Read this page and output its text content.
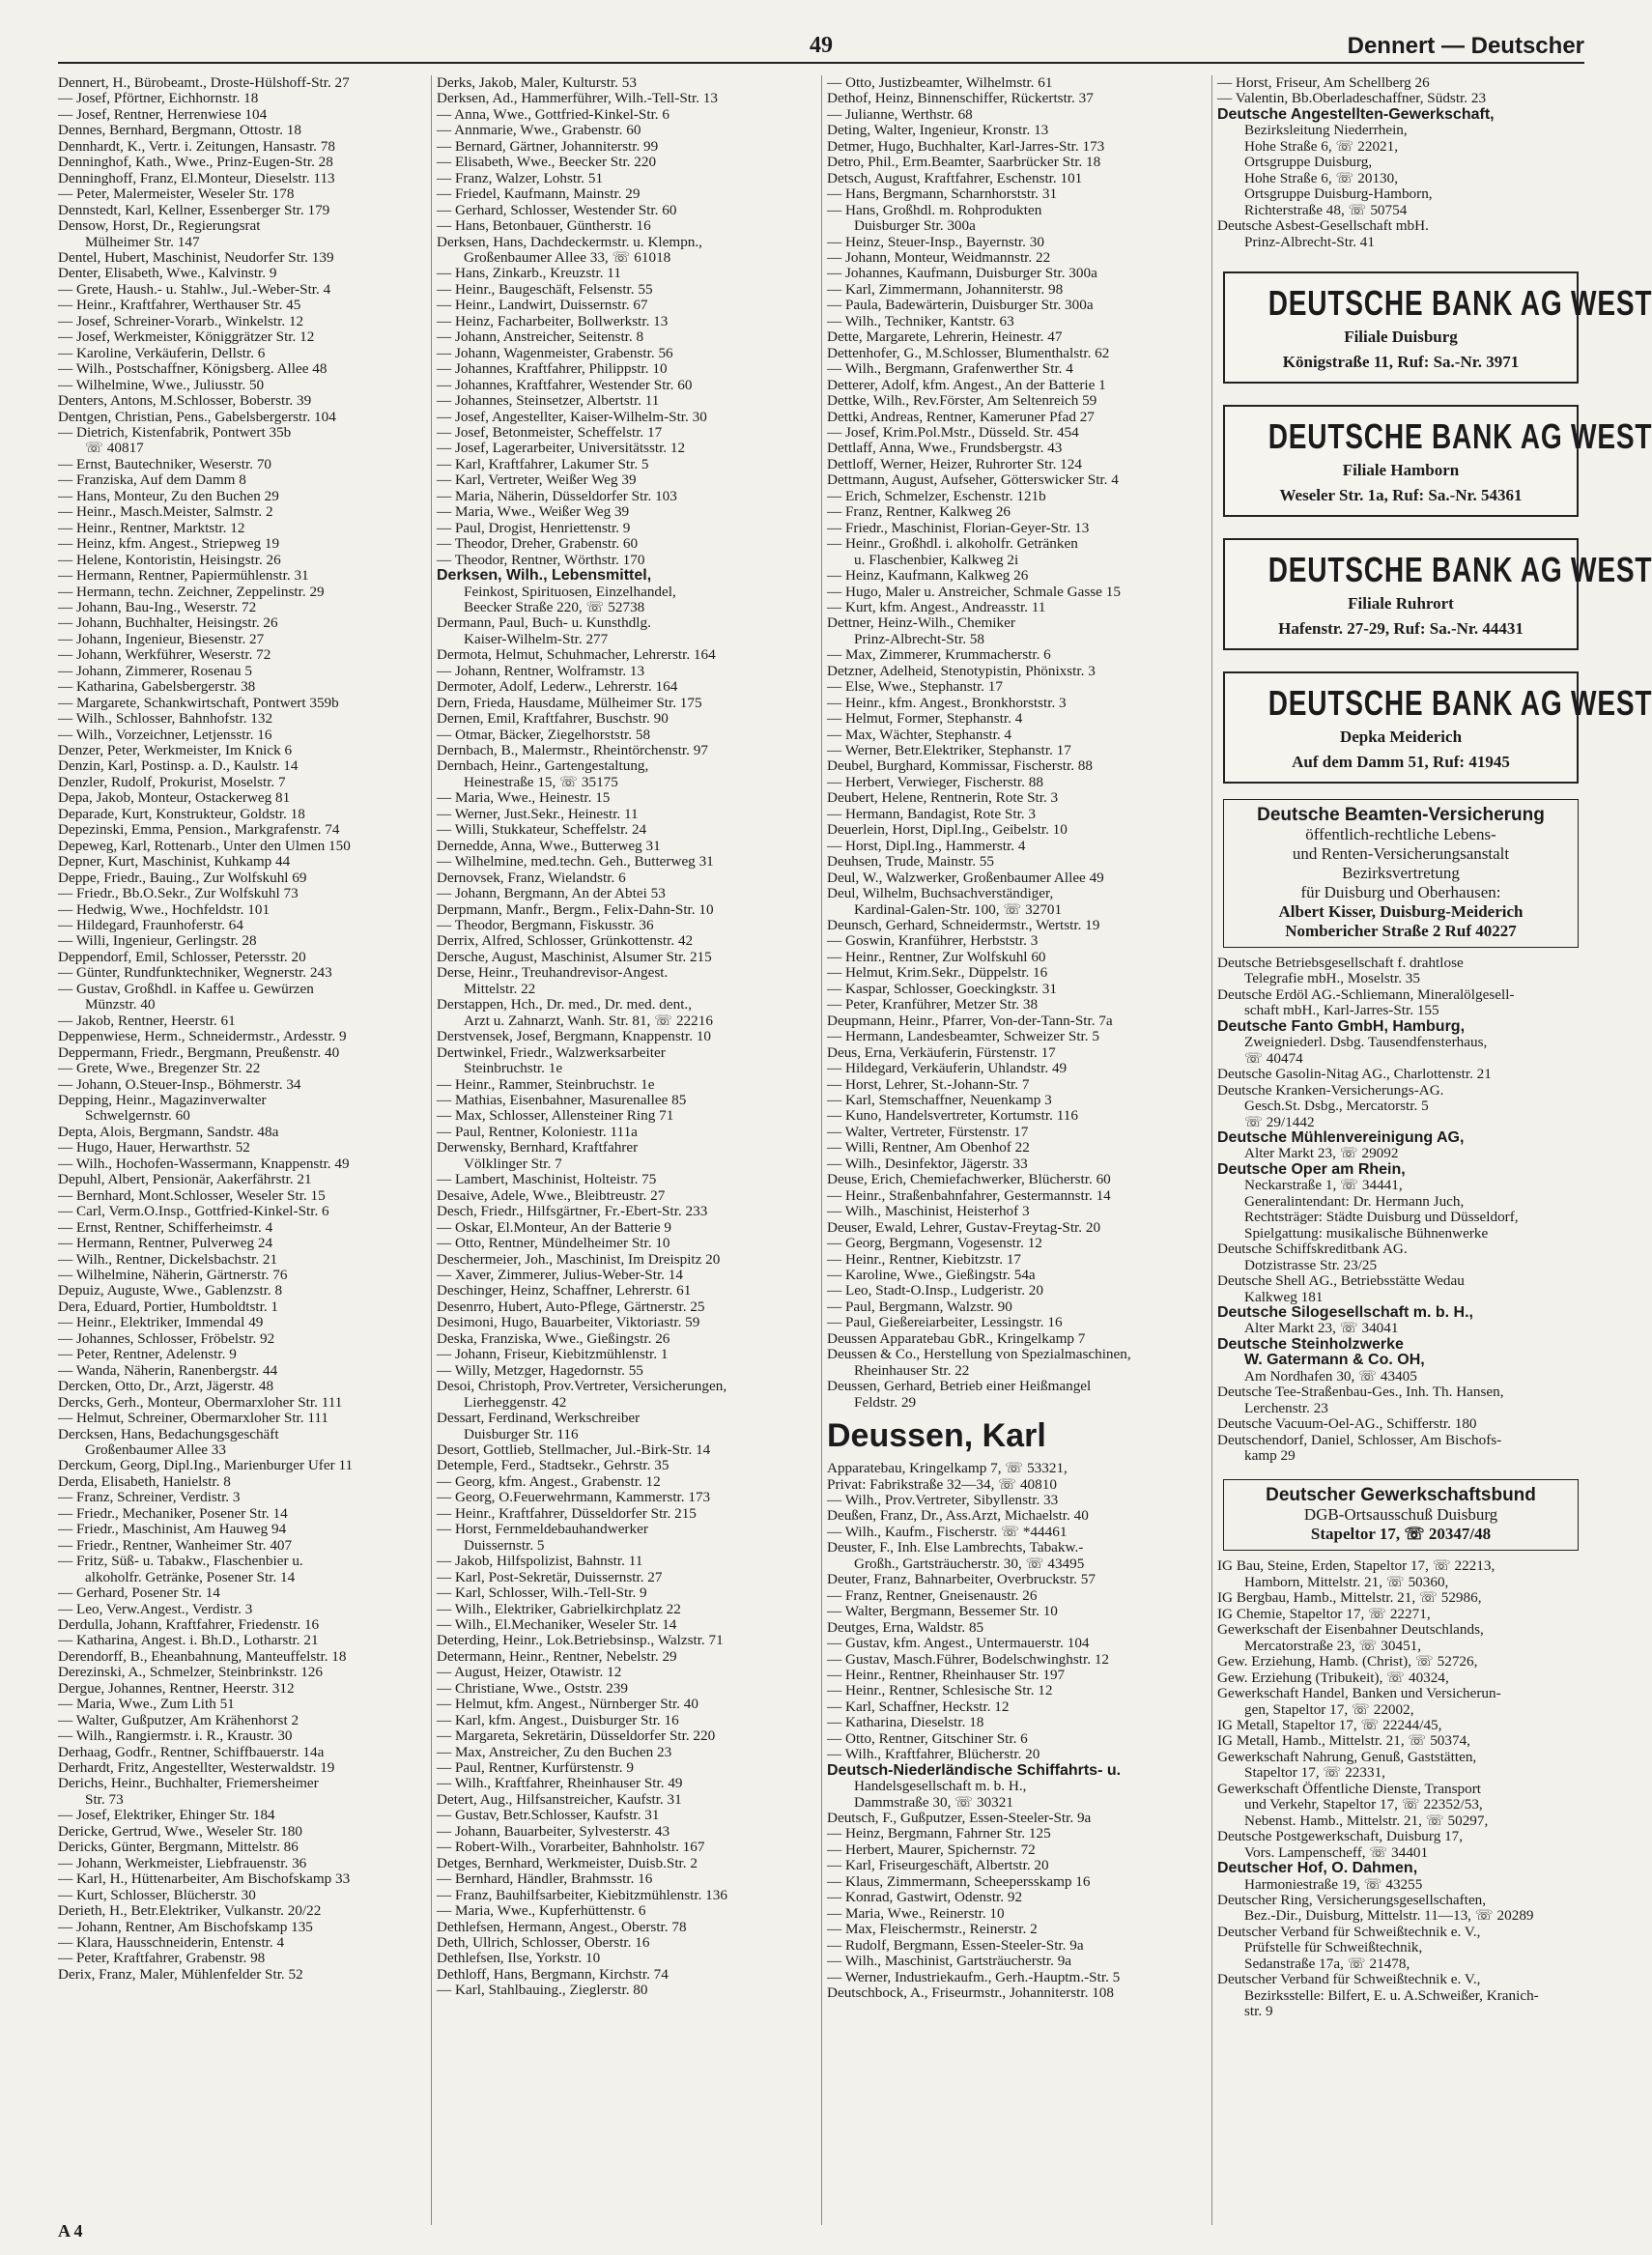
49	Dennert — Deutscher
Dennert, H., Bürobeamt., Droste-Hülshoff-Str. 27
— Josef, Pförtner, Eichhornstr. 18
— Josef, Rentner, Herrenwiese 104
Dennes, Bernhard, Bergmann, Ottostr. 18
Dennhardt, K., Vertr. i. Zeitungen, Hansastr. 78
Denninghof, Kath., Wwe., Prinz-Eugen-Str. 28
Denninghoff, Franz, El.Monteur, Dieselstr. 113
— Peter, Malermeister, Weseler Str. 178
Dennstedt, Karl, Kellner, Essenberger Str. 179
Densow, Horst, Dr., Regierungsrat
Mülheimer Str. 147
Dentel, Hubert, Maschinist, Neudorfer Str. 139
Denter, Elisabeth, Wwe., Kalvinstr. 9
— Grete, Haush.- u. Stahlw., Jul.-Weber-Str. 4
— Heinr., Kraftfahrer, Werthauser Str. 45
— Josef, Schreiner-Vorarb., Winkelstr. 12
— Josef, Werkmeister, Königgrätzer Str. 12
— Karoline, Verkäuferin, Dellstr. 6
— Wilh., Postschaffner, Königsberg. Allee 48
— Wilhelmine, Wwe., Juliusstr. 50
Denters, Antons, M.Schlosser, Boberstr. 39
Dentgen, Christian, Pens., Gabelsbergerstr. 104
— Dietrich, Kistenfabrik, Pontwert 35b
☏ 40817
— Ernst, Bautechniker, Weserstr. 70
— Franziska, Auf dem Damm 8
— Hans, Monteur, Zu den Buchen 29
— Heinr., Masch.Meister, Salmstr. 2
— Heinr., Rentner, Marktstr. 12
— Heinz, kfm. Angest., Striepweg 19
— Helene, Kontoristin, Heisingstr. 26
— Hermann, Rentner, Papiermühlenstr. 31
— Hermann, techn. Zeichner, Zeppelinstr. 29
— Johann, Bau-Ing., Weserstr. 72
— Johann, Buchhalter, Heisingstr. 26
— Johann, Ingenieur, Biesenstr. 27
— Johann, Werkführer, Weserstr. 72
— Johann, Zimmerer, Rosenau 5
— Katharina, Gabelsbergerstr. 38
— Margarete, Schankwirtschaft, Pontwert 359b
— Wilh., Schlosser, Bahnhofstr. 132
— Wilh., Vorzeichner, Letjensstr. 16
Denzer, Peter, Werkmeister, Im Knick 6
Denzin, Karl, Postinsp. a. D., Kaulstr. 14
Denzler, Rudolf, Prokurist, Moselstr. 7
Depa, Jakob, Monteur, Ostackerweg 81
Deparade, Kurt, Konstrukteur, Goldstr. 18
Depezinski, Emma, Pension., Markgrafenstr. 74
Depeweg, Karl, Rottenarb., Unter den Ulmen 150
Depner, Kurt, Maschinist, Kuhkamp 44
Deppe, Friedr., Bauing., Zur Wolfskuhl 69
— Friedr., Bb.O.Sekr., Zur Wolfskuhl 73
— Hedwig, Wwe., Hochfeldstr. 101
— Hildegard, Fraunhoferstr. 64
— Willi, Ingenieur, Gerlingstr. 28
Deppendorf, Emil, Schlosser, Petersstr. 20
— Günter, Rundfunktechniker, Wegnerstr. 243
— Gustav, Großhdl. in Kaffee u. Gewürzen
Münzstr. 40
— Jakob, Rentner, Heerstr. 61
Deppenwiese, Herm., Schneidermstr., Ardesstr. 9
Deppermann, Friedr., Bergmann, Preußenstr. 40
— Grete, Wwe., Bregenzer Str. 22
— Johann, O.Steuer-Insp., Böhmerstr. 34
Depping, Heinr., Magazinverwalter
Schwelgernstr. 60
Depta, Alois, Bergmann, Sandstr. 48a
— Hugo, Hauer, Herwarthstr. 52
— Wilh., Hochofen-Wassermann, Knappenstr. 49
Depuhl, Albert, Pensionär, Aakerfährstr. 21
— Bernhard, Mont.Schlosser, Weseler Str. 15
— Carl, Verm.O.Insp., Gottfried-Kinkel-Str. 6
— Ernst, Rentner, Schifferheimstr. 4
— Hermann, Rentner, Pulverweg 24
— Wilh., Rentner, Dickelsbachstr. 21
— Wilhelmine, Näherin, Gärtnerstr. 76
Depuiz, Auguste, Wwe., Gablenzstr. 8
Dera, Eduard, Portier, Humboldtstr. 1
— Heinr., Elektriker, Immendal 49
— Johannes, Schlosser, Fröbelstr. 92
— Peter, Rentner, Adelenstr. 9
— Wanda, Näherin, Ranenbergstr. 44
Dercken, Otto, Dr., Arzt, Jägerstr. 48
Dercks, Gerh., Monteur, Obermarxloher Str. 111
— Helmut, Schreiner, Obermarxloher Str. 111
Dercksen, Hans, Bedachungsgeschäft
Großenbaumer Allee 33
Derckum, Georg, Dipl.Ing., Marienburger Ufer 11
Derda, Elisabeth, Hanielstr. 8
— Franz, Schreiner, Verdistr. 3
— Friedr., Mechaniker, Posener Str. 14
— Friedr., Maschinist, Am Hauweg 94
— Friedr., Rentner, Wanheimer Str. 407
— Fritz, Süß- u. Tabakw., Flaschenbier u.
alkoholfr. Getränke, Posener Str. 14
— Gerhard, Posener Str. 14
— Leo, Verw.Angest., Verdistr. 3
Derdulla, Johann, Kraftfahrer, Friedenstr. 16
— Katharina, Angest. i. Bh.D., Lotharstr. 21
Derendorff, B., Eheanbahnung, Manteuffelstr. 18
Derezinski, A., Schmelzer, Steinbrinkstr. 126
Dergue, Johannes, Rentner, Heerstr. 312
— Maria, Wwe., Zum Lith 51
— Walter, Gußputzer, Am Krähenhorst 2
— Wilh., Rangiermstr. i. R., Kraustr. 30
Derhaag, Godfr., Rentner, Schiffbauerstr. 14a
Derhardt, Fritz, Angestellter, Westerwaldstr. 19
Derichs, Heinr., Buchhalter, Friemersheimer
Str. 73
— Josef, Elektriker, Ehinger Str. 184
Dericke, Gertrud, Wwe., Weseler Str. 180
Dericks, Günter, Bergmann, Mittelstr. 86
— Johann, Werkmeister, Liebfrauenstr. 36
— Karl, H., Hüttenarbeiter, Am Bischofskamp 33
— Kurt, Schlosser, Blücherstr. 30
Derieth, H., Betr.Elektriker, Vulkanstr. 20/22
— Johann, Rentner, Am Bischofskamp 135
— Klara, Hausschneiderin, Entenstr. 4
— Peter, Kraftfahrer, Grabenstr. 98
Derix, Franz, Maler, Mühlenfelder Str. 52
Derks, Jakob, Maler, Kulturstr. 53
Derksen, Ad., Hammerführer, Wilh.-Tell-Str. 13
— Anna, Wwe., Gottfried-Kinkel-Str. 6
— Annmarie, Wwe., Grabenstr. 60
— Bernard, Gärtner, Johanniterstr. 99
— Elisabeth, Wwe., Beecker Str. 220
— Franz, Walzer, Lohstr. 51
— Friedel, Kaufmann, Mainstr. 29
— Gerhard, Schlosser, Westender Str. 60
— Hans, Betonbauer, Güntherstr. 16
Derksen, Hans, Dachdeckermstr. u. Klempn.,
Großenbaumer Allee 33, ☏ 61018
— Hans, Zinkarb., Kreuzstr. 11
— Heinr., Baugeschäft, Felsenstr. 55
— Heinr., Landwirt, Duissernstr. 67
— Heinz, Facharbeiter, Bollwerkstr. 13
— Johann, Anstreicher, Seitenstr. 8
— Johann, Wagenmeister, Grabenstr. 56
— Johannes, Kraftfahrer, Philippstr. 10
— Johannes, Kraftfahrer, Westender Str. 60
— Johannes, Steinsetzer, Albertstr. 11
— Josef, Angestellter, Kaiser-Wilhelm-Str. 30
— Josef, Betonmeister, Scheffelstr. 17
— Josef, Lagerarbeiter, Universitätsstr. 12
— Karl, Kraftfahrer, Lakumer Str. 5
— Karl, Vertreter, Weißer Weg 39
— Maria, Näherin, Düsseldorfer Str. 103
— Maria, Wwe., Weißer Weg 39
— Paul, Drogist, Henriettenstr. 9
— Theodor, Dreher, Grabenstr. 60
— Theodor, Rentner, Wörthstr. 170
Derksen, Wilh., Lebensmittel,
Feinkost, Spirituosen, Einzelhandel,
Beecker Straße 220, ☏ 52738
Dermann, Paul, Buch- u. Kunsthdlg.
Kaiser-Wilhelm-Str. 277
Dermota, Helmut, Schuhmacher, Lehrerstr. 164
— Johann, Rentner, Wolframstr. 13
Dermoter, Adolf, Lederw., Lehrerstr. 164
Dern, Frieda, Hausdame, Mülheimer Str. 175
Dernen, Emil, Kraftfahrer, Buschstr. 90
— Otmar, Bäcker, Ziegelhorststr. 58
Dernbach, B., Malermstr., Rheintörchenstr. 97
Dernbach, Heinr., Gartengestaltung,
Heinestraße 15, ☏ 35175
— Maria, Wwe., Heinestr. 15
— Werner, Just.Sekr., Heinestr. 11
— Willi, Stukkateur, Scheffelstr. 24
Dernedde, Anna, Wwe., Butterweg 31
— Wilhelmine, med.techn. Geh., Butterweg 31
Dernovsek, Franz, Wielandstr. 6
— Johann, Bergmann, An der Abtei 53
Derpmann, Manfr., Bergm., Felix-Dahn-Str. 10
— Theodor, Bergmann, Fiskusstr. 36
Derrix, Alfred, Schlosser, Grünkottenstr. 42
Dersche, August, Maschinist, Alsumer Str. 215
Derse, Heinr., Treuhandrevisor-Angest.
Mittelstr. 22
Derstappen, Hch., Dr. med., Dr. med. dent.,
Arzt u. Zahnarzt, Wanh. Str. 81, ☏ 22216
Derstvensek, Josef, Bergmann, Knappenstr. 10
Dertwinkel, Friedr., Walzwerksarbeiter
Steinbruchstr. 1e
— Heinr., Rammer, Steinbruchstr. 1e
— Mathias, Eisenbahner, Masurenallee 85
— Max, Schlosser, Allensteiner Ring 71
— Paul, Rentner, Koloniestr. 111a
Derwensky, Bernhard, Kraftfahrer
Völklinger Str. 7
— Lambert, Maschinist, Holteistr. 75
Desaive, Adele, Wwe., Bleibtreustr. 27
Desch, Friedr., Hilfsgärtner, Fr.-Ebert-Str. 233
— Oskar, El.Monteur, An der Batterie 9
— Otto, Rentner, Mündelheimer Str. 10
Deschermeier, Joh., Maschinist, Im Dreispitz 20
— Xaver, Zimmerer, Julius-Weber-Str. 14
Deschinger, Heinz, Schaffner, Lehrerstr. 61
Desenrro, Hubert, Auto-Pflege, Gärtnerstr. 25
Desimoni, Hugo, Bauarbeiter, Viktoriastr. 59
Deska, Franziska, Wwe., Gießingstr. 26
— Johann, Friseur, Kiebitzmühlenstr. 1
— Willy, Metzger, Hagedornstr. 55
Desoi, Christoph, Prov.Vertreter, Versicherungen,
Lierheggenstr. 42
Dessart, Ferdinand, Werkschreiber
Duisburger Str. 116
Desort, Gottlieb, Stellmacher, Jul.-Birk-Str. 14
Detemple, Ferd., Stadtsekr., Gehrstr. 35
— Georg, kfm. Angest., Grabenstr. 12
— Georg, O.Feuerwehrmann, Kammerstr. 173
— Heinr., Kraftfahrer, Düsseldorfer Str. 215
— Horst, Fernmeldebauhandwerker
Duissernstr. 5
— Jakob, Hilfspolizist, Bahnstr. 11
— Karl, Post-Sekretär, Duissernstr. 27
— Karl, Schlosser, Wilh.-Tell-Str. 9
— Wilh., Elektriker, Gabrielkirchplatz 22
— Wilh., El.Mechaniker, Weseler Str. 14
Deterding, Heinr., Lok.Betriebsinsp., Walzstr. 71
Determann, Heinr., Rentner, Nebelstr. 29
— August, Heizer, Otawistr. 12
— Christiane, Wwe., Oststr. 239
— Helmut, kfm. Angest., Nürnberger Str. 40
— Karl, kfm. Angest., Duisburger Str. 16
— Margareta, Sekretärin, Düsseldorfer Str. 220
— Max, Anstreicher, Zu den Buchen 23
— Paul, Rentner, Kurfürstenstr. 9
— Wilh., Kraftfahrer, Rheinhauser Str. 49
Detert, Aug., Hilfsanstreicher, Kaufstr. 31
— Gustav, Betr.Schlosser, Kaufstr. 31
— Johann, Bauarbeiter, Sylvesterstr. 43
— Robert-Wilh., Vorarbeiter, Bahnholstr. 167
Detges, Bernhard, Werkmeister, Duisb.Str. 2
— Bernhard, Händler, Brahmsstr. 16
— Franz, Bauhilfsarbeiter, Kiebitzmühlenstr. 136
— Maria, Wwe., Kupferhüttenstr. 6
Dethlefsen, Hermann, Angest., Oberstr. 78
Deth, Ullrich, Schlosser, Oberstr. 16
Dethlefsen, Ilse, Yorkstr. 10
Dethloff, Hans, Bergmann, Kirchstr. 74
— Karl, Stahlbauing., Zieglerstr. 80
— Otto, Justizbeamter, Wilhelmstr. 61
Dethof, Heinz, Binnenschiffer, Rückertstr. 37
— Julianne, Werthstr. 68
Deting, Walter, Ingenieur, Kronstr. 13
Detmer, Hugo, Buchhalter, Karl-Jarres-Str. 173
Detro, Phil., Erm.Beamter, Saarbrücker Str. 18
Detsch, August, Kraftfahrer, Eschenstr. 101
— Hans, Bergmann, Scharnhorststr. 31
— Hans, Großhdl. m. Rohprodukten
Duisburger Str. 300a
— Heinz, Steuer-Insp., Bayernstr. 30
— Johann, Monteur, Weidmannstr. 22
— Johannes, Kaufmann, Duisburger Str. 300a
— Karl, Zimmermann, Johanniterstr. 98
— Paula, Badewärterin, Duisburger Str. 300a
— Wilh., Techniker, Kantstr. 63
Dette, Margarete, Lehrerin, Heinestr. 47
Dettenhofer, G., M.Schlosser, Blumenthalstr. 62
— Wilh., Bergmann, Grafenwerther Str. 4
Detterer, Adolf, kfm. Angest., An der Batterie 1
Dettke, Wilh., Rev.Förster, Am Seltenreich 59
Dettki, Andreas, Rentner, Kameruner Pfad 27
— Josef, Krim.Pol.Mstr., Düsseld. Str. 454
Dettlaff, Anna, Wwe., Frundsbergstr. 43
Dettloff, Werner, Heizer, Ruhrorter Str. 124
Dettmann, August, Aufseher, Götterswicker Str. 4
— Erich, Schmelzer, Eschenstr. 121b
— Franz, Rentner, Kalkweg 26
— Friedr., Maschinist, Florian-Geyer-Str. 13
— Heinr., Großhdl. i. alkoholfr. Getränken
u. Flaschenbier, Kalkweg 2i
— Heinz, Kaufmann, Kalkweg 26
— Hugo, Maler u. Anstreicher, Schmale Gasse 15
— Kurt, kfm. Angest., Andreasstr. 11
Dettner, Heinz-Wilh., Chemiker
Prinz-Albrecht-Str. 58
— Max, Zimmerer, Krummacherstr. 6
Detzner, Adelheid, Stenotypistin, Phönixstr. 3
— Else, Wwe., Stephanstr. 17
— Heinr., kfm. Angest., Bronkhorststr. 3
— Helmut, Former, Stephanstr. 4
— Max, Wächter, Stephanstr. 4
— Werner, Betr.Elektriker, Stephanstr. 17
Deubel, Burghard, Kommissar, Fischerstr. 88
— Herbert, Verwieger, Fischerstr. 88
Deubert, Helene, Rentnerin, Rote Str. 3
— Hermann, Bandagist, Rote Str. 3
Deuerlein, Horst, Dipl.Ing., Geibelstr. 10
— Horst, Dipl.Ing., Hammerstr. 4
Deuhsen, Trude, Mainstr. 55
Deul, W., Walzwerker, Großenbaumer Allee 49
Deul, Wilhelm, Buchsachverständiger,
Kardinal-Galen-Str. 100, ☏ 32701
Deunsch, Gerhard, Schneidermstr., Wertstr. 19
— Goswin, Kranführer, Herbststr. 3
— Heinr., Rentner, Zur Wolfskuhl 60
— Helmut, Krim.Sekr., Düppelstr. 16
— Kaspar, Schlosser, Goeckingkstr. 31
— Peter, Kranführer, Metzer Str. 38
Deupmann, Heinr., Pfarrer, Von-der-Tann-Str. 7a
— Hermann, Landesbeamter, Schweizer Str. 5
Deus, Erna, Verkäuferin, Fürstenstr. 17
— Hildegard, Verkäuferin, Uhlandstr. 49
— Horst, Lehrer, St.-Johann-Str. 7
— Karl, Stemschaffner, Neuenkamp 3
— Kuno, Handelsvertreter, Kortumstr. 116
— Walter, Vertreter, Fürstenstr. 17
— Willi, Rentner, Am Obenhof 22
— Wilh., Desinfektor, Jägerstr. 33
Deuse, Erich, Chemiefachwerker, Blücherstr. 60
— Heinr., Straßenbahnfahrer, Gestermannstr. 14
— Wilh., Maschinist, Heisterhof 3
Deuser, Ewald, Lehrer, Gustav-Freytag-Str. 20
— Georg, Bergmann, Vogesenstr. 12
— Heinr., Rentner, Kiebitzstr. 17
— Karoline, Wwe., Gießingstr. 54a
— Leo, Stadt-O.Insp., Ludgeristr. 20
— Paul, Bergmann, Walzstr. 90
— Paul, Gießereiarbeiter, Lessingstr. 16
Deussen Apparatebau GbR., Kringelkamp 7
Deussen & Co., Herstellung von Spezialmaschinen,
Rheinhauser Str. 22
Deussen, Gerhard, Betrieb einer Heißmangel
Feldstr. 29
Deussen, Karl
Apparatebau, Kringelkamp 7, ☏ 53321,
Privat: Fabrikstraße 32—34, ☏ 40810
— Wilh., Prov.Vertreter, Sibyllenstr. 33
Deußen, Franz, Dr., Ass.Arzt, Michaelstr. 40
— Wilh., Kaufm., Fischerstr. ☏ *44461
Deuster, F., Inh. Else Lambrechts, Tabakw.-
Großh., Gartsträucherstr. 30, ☏ 43495
Deuter, Franz, Bahnarbeiter, Overbruckstr. 57
— Franz, Rentner, Gneisenaustr. 26
— Walter, Bergmann, Bessemer Str. 10
Deutges, Erna, Waldstr. 85
— Gustav, kfm. Angest., Untermauerstr. 104
— Gustav, Masch.Führer, Bodelschwinghstr. 12
— Heinr., Rentner, Rheinhauser Str. 197
— Heinr., Rentner, Schlesische Str. 12
— Karl, Schaffner, Heckstr. 12
— Katharina, Dieselstr. 18
— Otto, Rentner, Gitschiner Str. 6
— Wilh., Kraftfahrer, Blücherstr. 20
Deutsch-Niederländische Schiffahrts- u.
Handelsgesellschaft m. b. H.,
Dammstraße 30, ☏ 30321
Deutsch, F., Gußputzer, Essen-Steeler-Str. 9a
— Heinz, Bergmann, Fahrner Str. 125
— Herbert, Maurer, Spichernstr. 72
— Karl, Friseurgeschäft, Albertstr. 20
— Klaus, Zimmermann, Scheepersskamp 16
— Konrad, Gastwirt, Odenstr. 92
— Maria, Wwe., Reinerstr. 10
— Max, Fleischermstr., Reinerstr. 2
— Rudolf, Bergmann, Essen-Steeler-Str. 9a
— Wilh., Maschinist, Gartsträucherstr. 9a
— Werner, Industriekaufm., Gerh.-Hauptm.-Str. 5
Deutschbock, A., Friseurmstr., Johanniterstr. 108
— Horst, Friseur, Am Schellberg 26
— Valentin, Bb.Oberladeschaffner, Südstr. 23
Deutsche Angestellten-Gewerkschaft,
Bezirksleitung Niederrhein,
Hohe Straße 6, ☏ 22021,
Ortsgruppe Duisburg,
Hohe Straße 6, ☏ 20130,
Ortsgruppe Duisburg-Hamborn,
Richterstraße 48, ☏ 50754
Deutsche Asbest-Gesellschaft mbH.
Prinz-Albrecht-Str. 41
DEUTSCHE BANK AG WEST
Filiale Duisburg
Königstraße 11, Ruf: Sa.-Nr. 3971
DEUTSCHE BANK AG WEST
Filiale Hamborn
Weseler Str. 1a, Ruf: Sa.-Nr. 54361
DEUTSCHE BANK AG WEST
Filiale Ruhrort
Hafenstr. 27-29, Ruf: Sa.-Nr. 44431
DEUTSCHE BANK AG WEST
Depka Meiderich
Auf dem Damm 51, Ruf: 41945
Deutsche Beamten-Versicherung
öffentlich-rechtliche Lebens-
und Renten-Versicherungsanstalt
Bezirksvertretung
für Duisburg und Oberhausen:
Albert Kisser, Duisburg-Meiderich
Nombericher Straße 2 Ruf 40227
Deutsche Betriebsgesellschaft f. drahtlose
Telegrafie mbH., Moselstr. 35
Deutsche Erdöl AG.-Schliemann, Mineralölgesell-
schaft mbH., Karl-Jarres-Str. 155
Deutsche Fanto GmbH, Hamburg,
Zweigniederl. Dsbg. Tausendfensterhaus,
☏ 40474
Deutsche Gasolin-Nitag AG., Charlottenstr. 21
Deutsche Kranken-Versicherungs-AG.
Gesch.St. Dsbg., Mercatorstr. 5
☏ 29/1442
Deutsche Mühlenvereinigung AG,
Alter Markt 23, ☏ 29092
Deutsche Oper am Rhein,
Neckarstraße 1, ☏ 34441,
Generalintendant: Dr. Hermann Juch,
Rechtsträger: Städte Duisburg und Düsseldorf,
Spielgattung: musikalische Bühnenwerke
Deutsche Schiffskreditbank AG.
Dotzistrasse Str. 23/25
Deutsche Shell AG., Betriebsstätte Wedau
Kalkweg 181
Deutsche Silogesellschaft m. b. H.,
Alter Markt 23, ☏ 34041
Deutsche Steinholzwerke
W. Gatermann & Co. OH,
Am Nordhafen 30, ☏ 43405
Deutsche Tee-Straßenbau-Ges., Inh. Th. Hansen,
Lerchenstr. 23
Deutsche Vacuum-Oel-AG., Schifferstr. 180
Deutschendorf, Daniel, Schlosser, Am Bischofs-
kamp 29
Deutscher Gewerkschaftsbund
DGB-Ortsausschuß Duisburg
Stapeltor 17, ☏ 20347/48
IG Bau, Steine, Erden, Stapeltor 17, ☏ 22213,
Hamborn, Mittelstr. 21, ☏ 50360,
IG Bergbau, Hamb., Mittelstr. 21, ☏ 52986,
IG Chemie, Stapeltor 17, ☏ 22271,
Gewerkschaft der Eisenbahner Deutschlands,
Mercatorstraße 23, ☏ 30451,
Gew. Erziehung, Hamb. (Christ), ☏ 52726,
Gew. Erziehung (Tribukeit), ☏ 40324,
Gewerkschaft Handel, Banken und Versicherun-
gen, Stapeltor 17, ☏ 22002,
IG Metall, Stapeltor 17, ☏ 22244/45,
IG Metall, Hamb., Mittelstr. 21, ☏ 50374,
Gewerkschaft Nahrung, Genuß, Gaststätten,
Stapeltor 17, ☏ 22331,
Gewerkschaft Öffentliche Dienste, Transport
und Verkehr, Stapeltor 17, ☏ 22352/53,
Nebenst. Hamb., Mittelstr. 21, ☏ 50297,
Deutsche Postgewerkschaft, Duisburg 17,
Vors. Lampenscheff, ☏ 34401
Deutscher Hof, O. Dahmen,
Harmoniestraße 19, ☏ 43255
Deutscher Ring, Versicherungsgesellschaften,
Bez.-Dir., Duisburg, Mittelstr. 11—13, ☏ 20289
Deutscher Verband für Schweißtechnik e. V.,
Prüfstelle für Schweißtechnik,
Sedanstraße 17a, ☏ 21478,
Deutscher Verband für Schweißtechnik e. V.,
Bezirksstelle: Bilfert, E. u. A.Schweißer, Kranich-
str. 9
A 4
